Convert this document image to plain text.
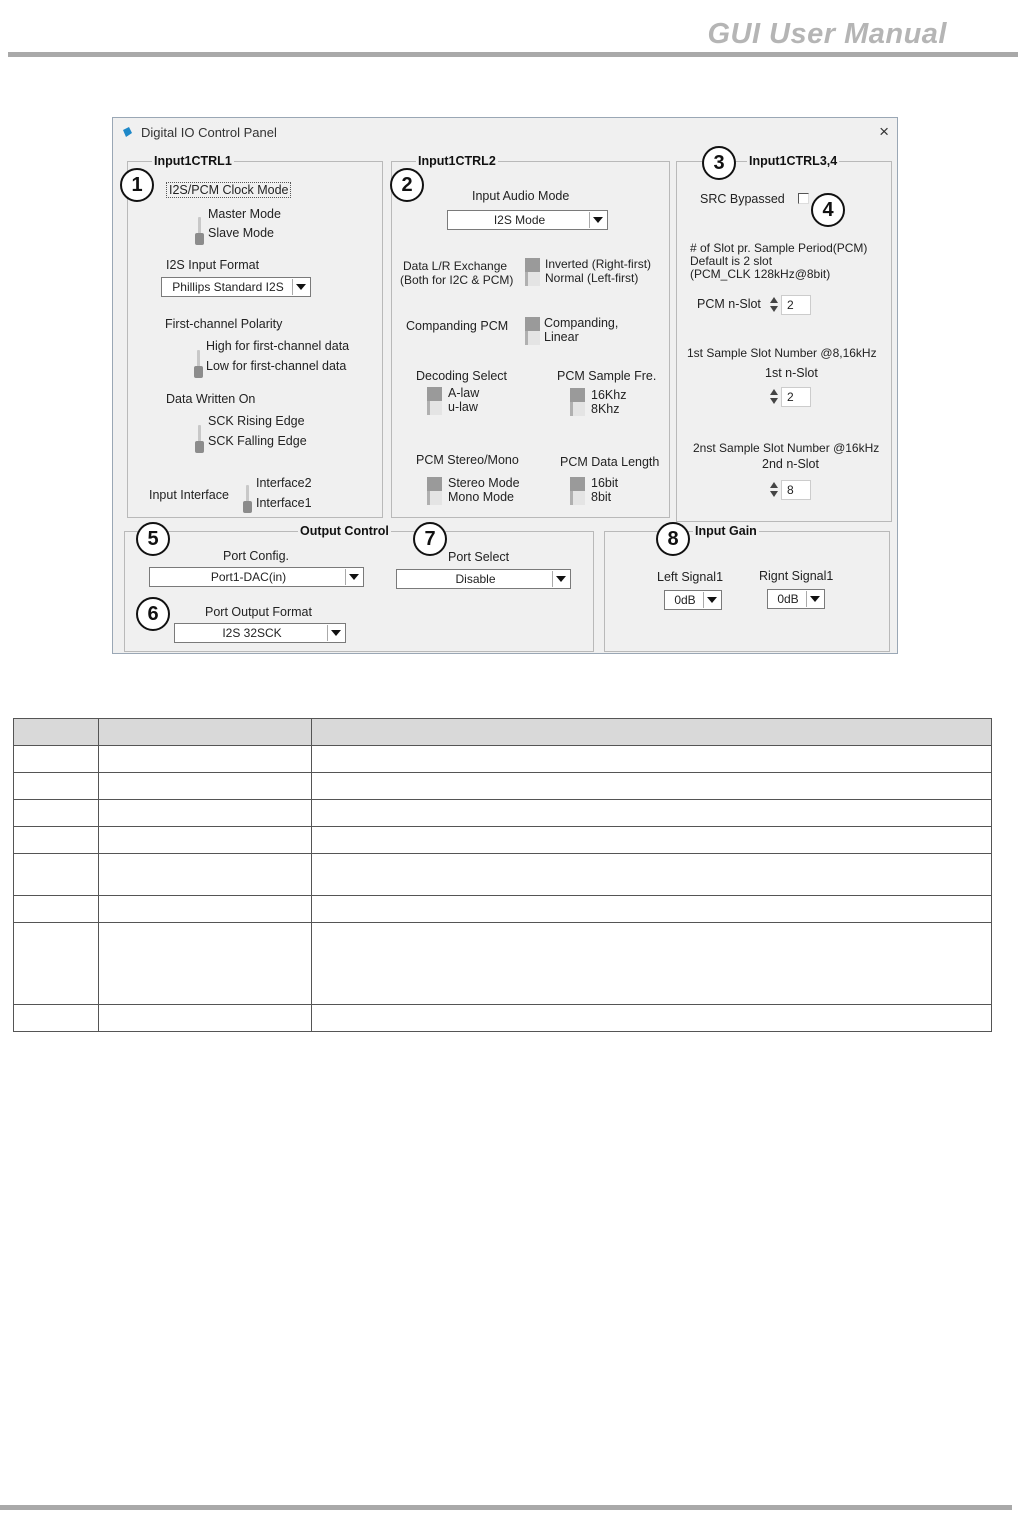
GUI User Manual
Digital IO Control Panel	×
Input1CTRL1
I2S/PCM Clock Mode
Master Mode
Slave Mode
I2S Input Format
Phillips Standard I2S
First-channel Polarity
High for first-channel data
Low for first-channel data
Data Written On
SCK Rising Edge
SCK Falling Edge
Input Interface
Interface2
Interface1
Input1CTRL2
Input Audio Mode
I2S Mode
Data L/R Exchange
(Both for I2C & PCM)
Inverted (Right-first)
Normal (Left-first)
Companding PCM	Companding,
Linear
Decoding Select
A-law
u-law
PCM Sample Fre.
16Khz
8Khz
PCM Stereo/Mono
Stereo Mode
Mono Mode
PCM Data Length
16bit
8bit
Input1CTRL3,4
SRC Bypassed
# of Slot pr. Sample Period(PCM)
Default is 2 slot
(PCM_CLK 128kHz@8bit)
PCM n-Slot	2
1st Sample Slot Number @8,16kHz
1st n-Slot
2
2nst Sample Slot Number @16kHz
2nd n-Slot
8
Output Control
Port Config.
Port1-DAC(in)
Port Select
Disable
Port Output Format
I2S 32SCK
Input Gain
Left Signal1
0dB
Rignt Signal1
0dB
1	2
3
4
5
6
7	8
